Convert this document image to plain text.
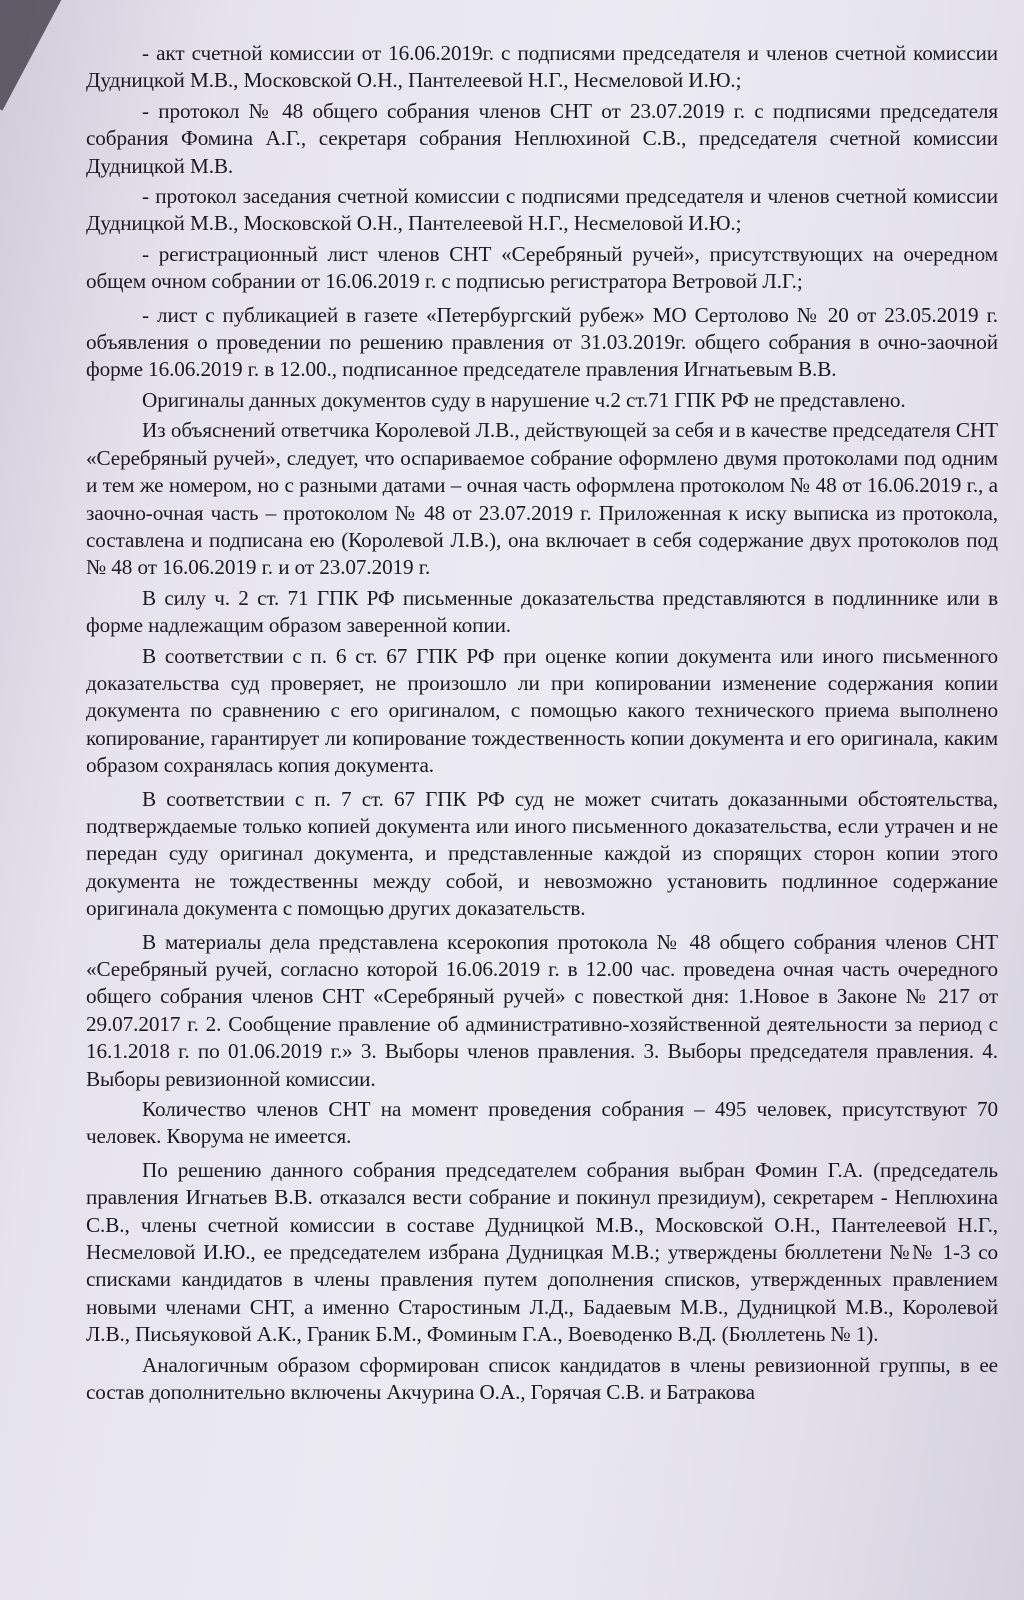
- акт счетной комиссии от 16.06.2019г. с подписями председателя и членов счетной комиссии Дудницкой М.В., Московской О.Н., Пантелеевой Н.Г., Несмеловой И.Ю.;

- протокол № 48 общего собрания членов СНТ от 23.07.2019 г. с подписями председателя собрания Фомина А.Г., секретаря собрания Неплюхиной С.В., председателя счетной комиссии Дудницкой М.В.

- протокол заседания счетной комиссии с подписями председателя и членов счетной комиссии Дудницкой М.В., Московской О.Н., Пантелеевой Н.Г., Несмеловой И.Ю.;

- регистрационный лист членов СНТ «Серебряный ручей», присутствующих на очередном общем очном собрании от 16.06.2019 г. с подписью регистратора Ветровой Л.Г.;

- лист с публикацией в газете «Петербургский рубеж» МО Сертолово № 20 от 23.05.2019 г. объявления о проведении по решению правления от 31.03.2019г. общего собрания в очно-заочной форме 16.06.2019 г. в 12.00., подписанное председателе правления Игнатьевым В.В.

Оригиналы данных документов суду в нарушение ч.2 ст.71 ГПК РФ не представлено.

Из объяснений ответчика Королевой Л.В., действующей за себя и в качестве председателя СНТ «Серебряный ручей», следует, что оспариваемое собрание оформлено двумя протоколами под одним и тем же номером, но с разными датами – очная часть оформлена протоколом № 48 от 16.06.2019 г., а заочно-очная часть – протоколом № 48 от 23.07.2019 г. Приложенная к иску выписка из протокола, составлена и подписана ею (Королевой Л.В.), она включает в себя содержание двух протоколов под № 48 от 16.06.2019 г. и от 23.07.2019 г.

В силу ч. 2 ст. 71 ГПК РФ письменные доказательства представляются в подлиннике или в форме надлежащим образом заверенной копии.

В соответствии с п. 6 ст. 67 ГПК РФ при оценке копии документа или иного письменного доказательства суд проверяет, не произошло ли при копировании изменение содержания копии документа по сравнению с его оригиналом, с помощью какого технического приема выполнено копирование, гарантирует ли копирование тождественность копии документа и его оригинала, каким образом сохранялась копия документа.

В соответствии с п. 7 ст. 67 ГПК РФ суд не может считать доказанными обстоятельства, подтверждаемые только копией документа или иного письменного доказательства, если утрачен и не передан суду оригинал документа, и представленные каждой из спорящих сторон копии этого документа не тождественны между собой, и невозможно установить подлинное содержание оригинала документа с помощью других доказательств.

В материалы дела представлена ксерокопия протокола № 48 общего собрания членов СНТ «Серебряный ручей, согласно которой 16.06.2019 г. в 12.00 час. проведена очная часть очередного общего собрания членов СНТ «Серебряный ручей» с повесткой дня: 1.Новое в Законе № 217 от 29.07.2017 г. 2. Сообщение правление об административно-хозяйственной деятельности за период с 16.1.2018 г. по 01.06.2019 г.» 3. Выборы членов правления. 3. Выборы председателя правления. 4. Выборы ревизионной комиссии.

Количество членов СНТ на момент проведения собрания – 495 человек, присутствуют 70 человек. Кворума не имеется.

По решению данного собрания председателем собрания выбран Фомин Г.А. (председатель правления Игнатьев В.В. отказался вести собрание и покинул президиум), секретарем - Неплюхина С.В., члены счетной комиссии в составе Дудницкой М.В., Московской О.Н., Пантелеевой Н.Г., Несмеловой И.Ю., ее председателем избрана Дудницкая М.В.; утверждены бюллетени №№ 1-3 со списками кандидатов в члены правления путем дополнения списков, утвержденных правлением новыми членами СНТ, а именно Старостиным Л.Д., Бадаевым М.В., Дудницкой М.В., Королевой Л.В., Письяуковой А.К., Граник Б.М., Фоминым Г.А., Воеводенко В.Д. (Бюллетень № 1).

Аналогичным образом сформирован список кандидатов в члены ревизионной группы, в ее состав дополнительно включены Акчурина О.А., Горячая С.В. и Батракова
